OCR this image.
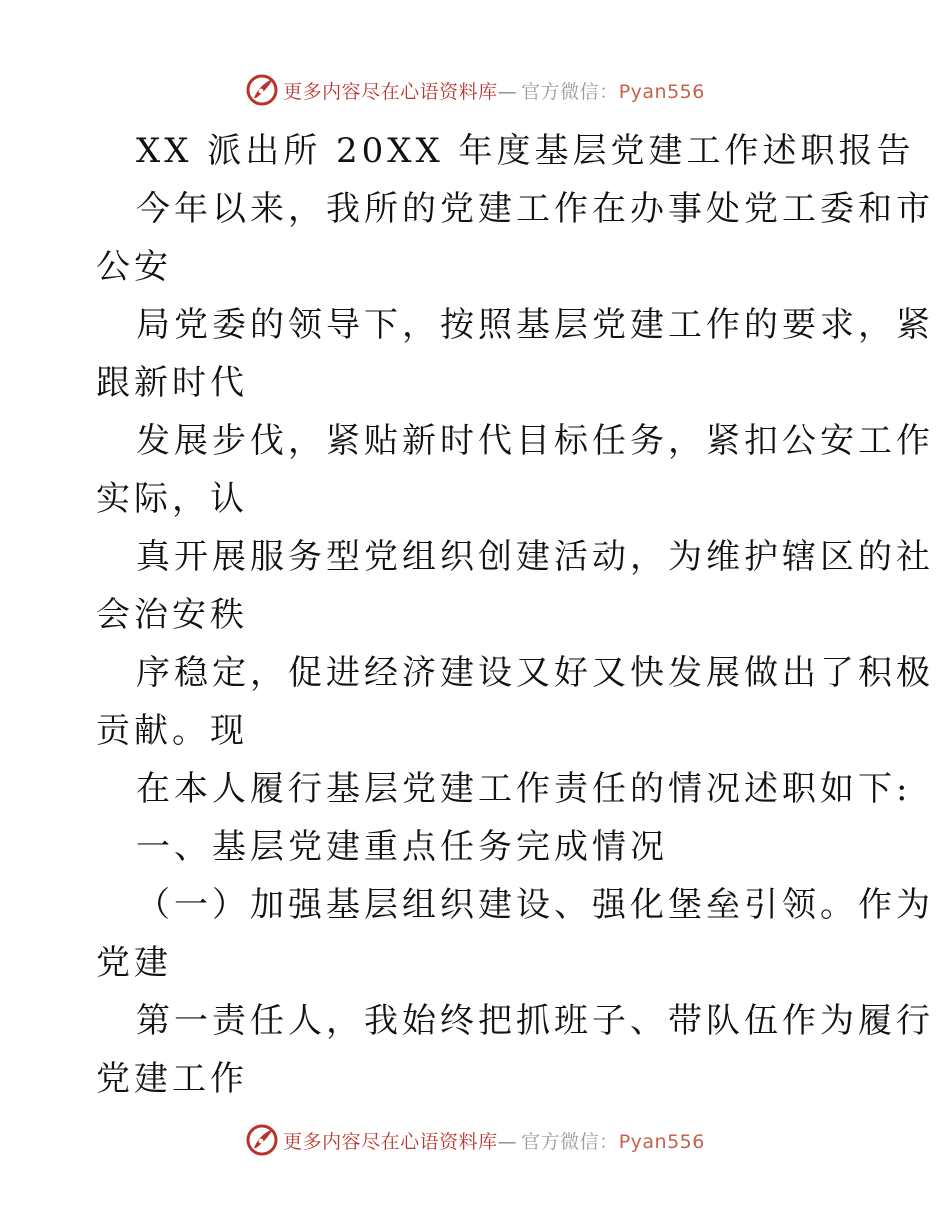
更多内容尽在心语资料库— 官方微信：Pyan556
XX 派出所 20XX 年度基层党建工作述职报告
今年以来，我所的党建工作在办事处党工委和市
公安
局党委的领导下，按照基层党建工作的要求，紧
跟新时代
发展步伐，紧贴新时代目标任务，紧扣公安工作
实际，认
真开展服务型党组织创建活动，为维护辖区的社
会治安秩
序稳定，促进经济建设又好又快发展做出了积极
贡献。现
在本人履行基层党建工作责任的情况述职如下:
一、基层党建重点任务完成情况
（一）加强基层组织建设、强化堡垒引领。作为
党建
第一责任人，我始终把抓班子、带队伍作为履行
党建工作
更多内容尽在心语资料库— 官方微信：Pyan556
